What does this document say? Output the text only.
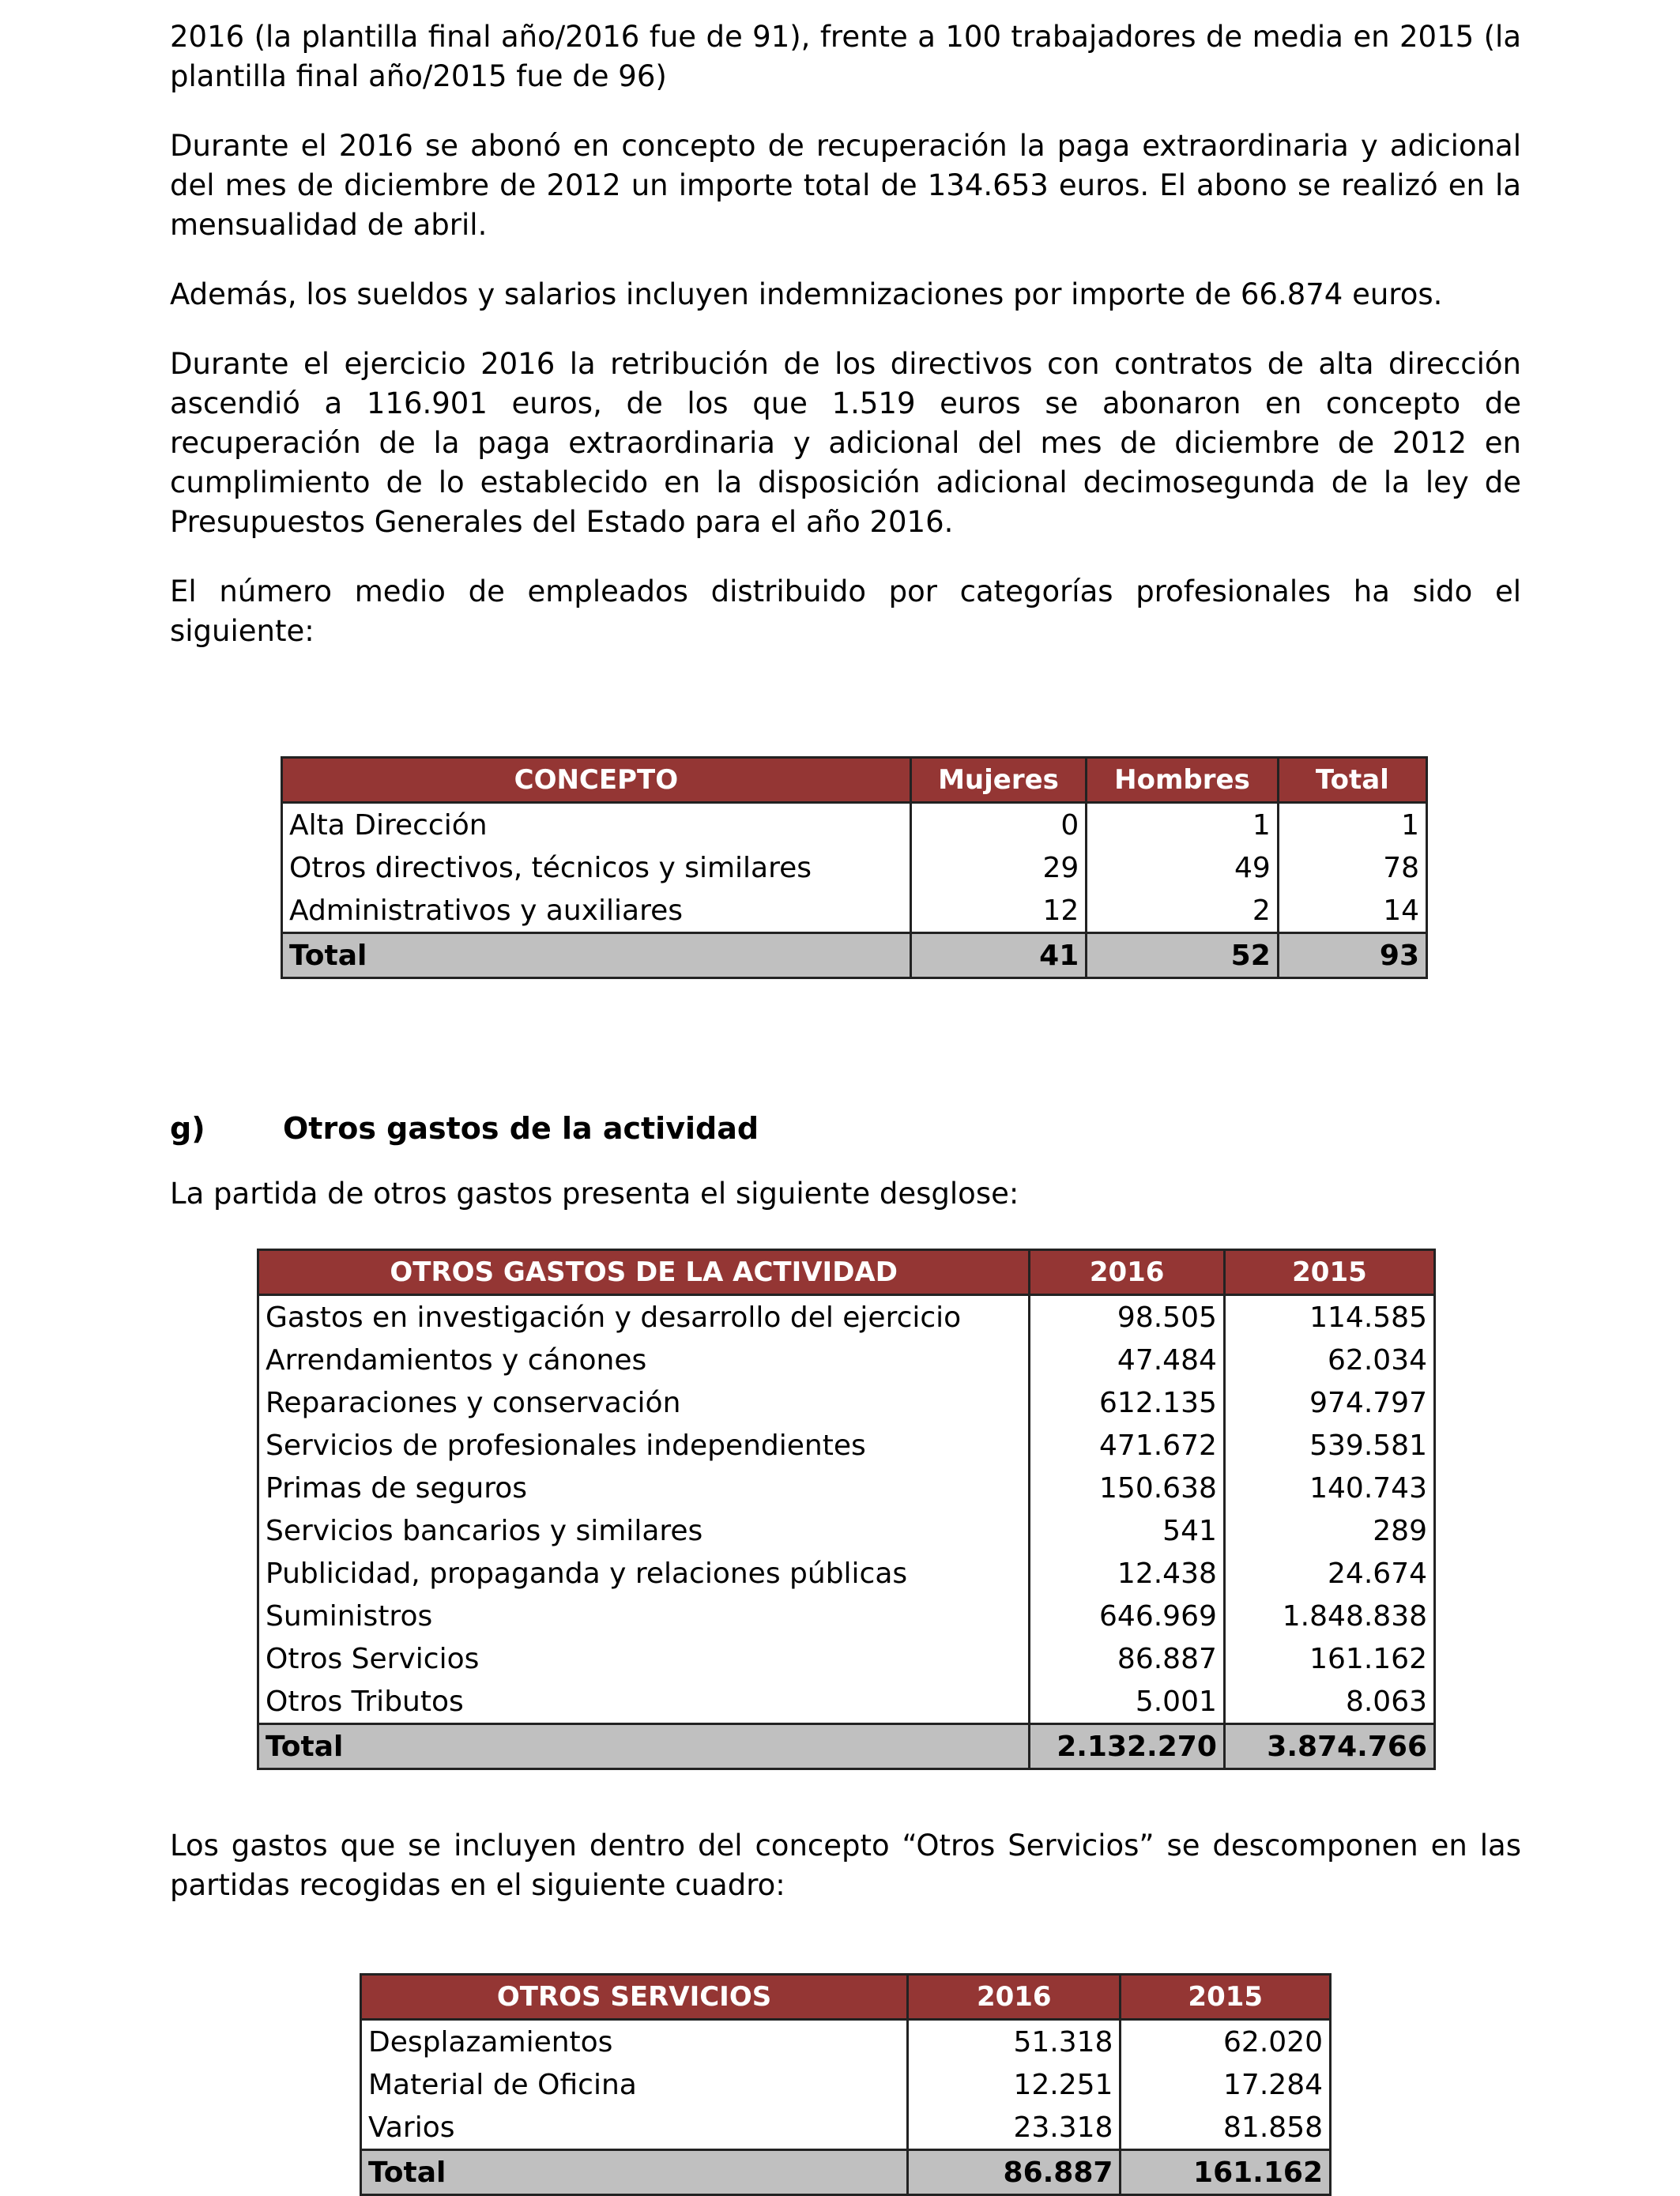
2016 (la plantilla final año/2016 fue de 91), frente a 100 trabajadores de media en 2015 (la plantilla final año/2015 fue de 96)

Durante el 2016 se abonó en concepto de recuperación la paga extraordinaria y adicional del mes de diciembre de 2012 un importe total de 134.653 euros. El abono se realizó en la mensualidad de abril.

Además, los sueldos y salarios incluyen indemnizaciones por importe de 66.874 euros.

Durante el ejercicio 2016 la retribución de los directivos con contratos de alta dirección ascendió a 116.901 euros, de los que 1.519 euros se abonaron en concepto de recuperación de la paga extraordinaria y adicional del mes de diciembre de 2012 en cumplimiento de lo establecido en la disposición adicional decimosegunda de la ley de Presupuestos Generales del Estado para el año 2016.

El número medio de empleados distribuido por categorías profesionales ha sido el siguiente:

CONCEPTO	Mujeres	Hombres	Total
Alta Dirección	0	1	1
Otros directivos, técnicos y similares	29	49	78
Administrativos y auxiliares	12	2	14
Total	41	52	93
g)	Otros gastos de la actividad

La partida de otros gastos presenta el siguiente desglose:

OTROS GASTOS DE LA ACTIVIDAD	2016	2015
Gastos en investigación y desarrollo del ejercicio	98.505	114.585
Arrendamientos y cánones	47.484	62.034
Reparaciones y conservación	612.135	974.797
Servicios de profesionales independientes	471.672	539.581
Primas de seguros	150.638	140.743
Servicios bancarios y similares	541	289
Publicidad, propaganda y relaciones públicas	12.438	24.674
Suministros	646.969	1.848.838
Otros Servicios	86.887	161.162
Otros Tributos	5.001	8.063
Total	2.132.270	3.874.766

Los gastos que se incluyen dentro del concepto “Otros Servicios” se descomponen en las partidas recogidas en el siguiente cuadro:

OTROS SERVICIOS	2016	2015
Desplazamientos	51.318	62.020
Material de Oficina	12.251	17.284
Varios	23.318	81.858
Total	86.887	161.162
